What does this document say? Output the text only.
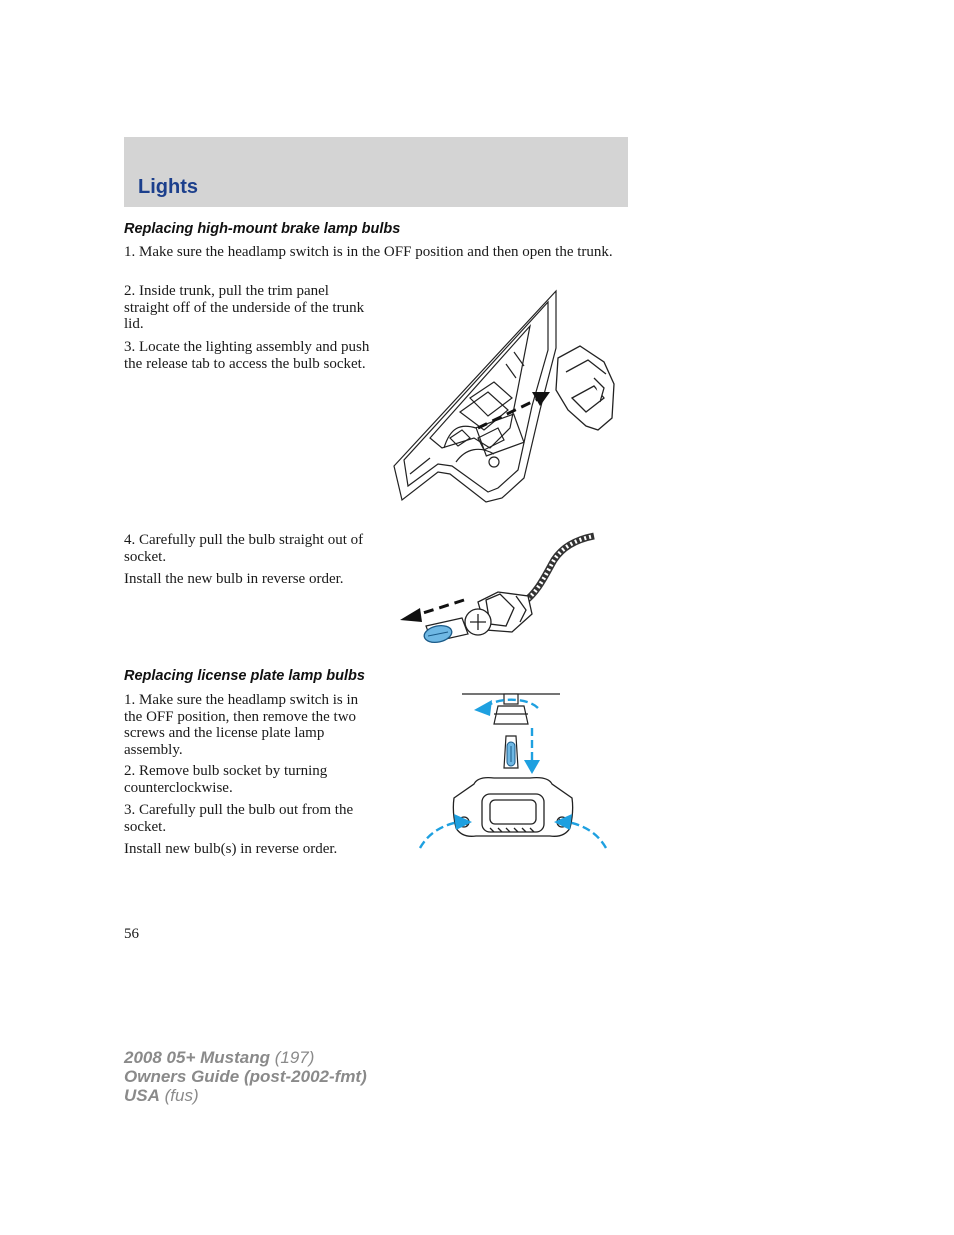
Lights
Replacing high-mount brake lamp bulbs
1. Make sure the headlamp switch is in the OFF position and then open the trunk.
2. Inside trunk, pull the trim panel straight off of the underside of the trunk lid.
3. Locate the lighting assembly and push the release tab to access the bulb socket.
4. Carefully pull the bulb straight out of socket.
Install the new bulb in reverse order.
Replacing license plate lamp bulbs
1. Make sure the headlamp switch is in the OFF position, then remove the two screws and the license plate lamp assembly.
2. Remove bulb socket by turning counterclockwise.
3. Carefully pull the bulb out from the socket.
Install new bulb(s) in reverse order.
56
2008 05+ Mustang (197)
Owners Guide (post-2002-fmt)
USA (fus)
